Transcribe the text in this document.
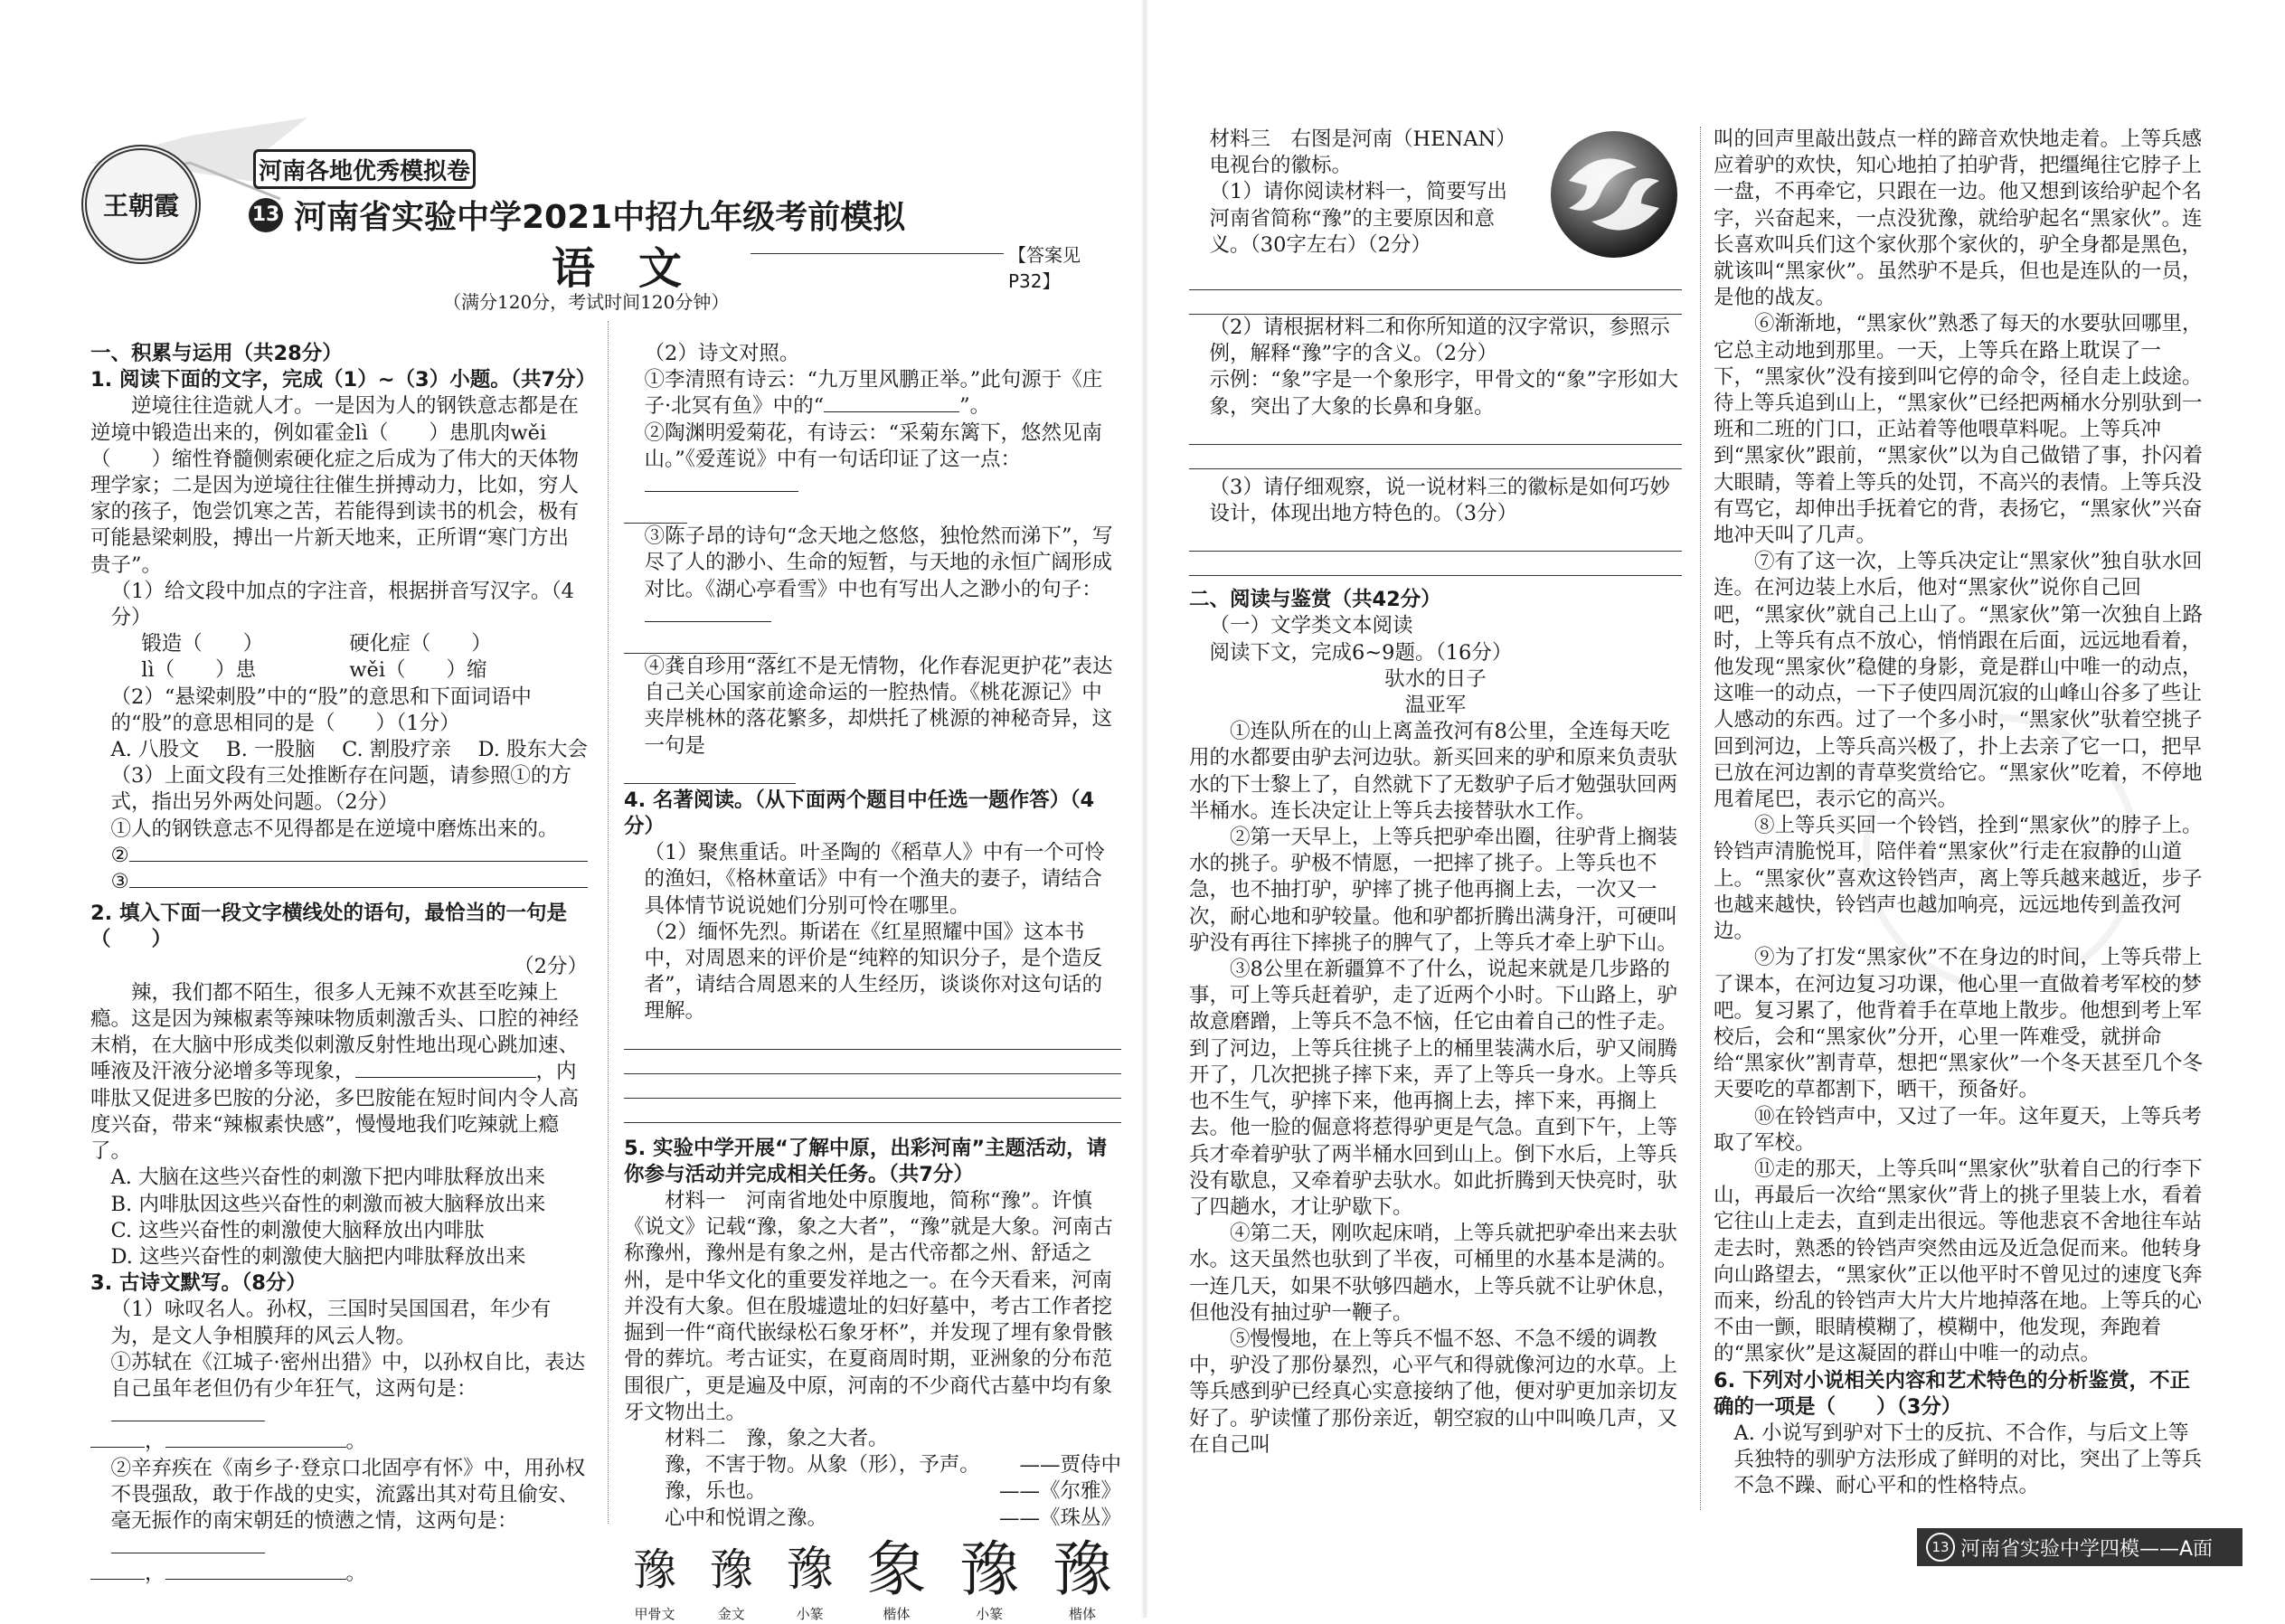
王朝霞
河南各地优秀模拟卷
13 河南省实验中学2021中招九年级考前模拟
语　文	【答案见 P32】
（满分120分，考试时间120分钟）

一、积累与运用（共28分）

1. 阅读下面的文字，完成（1）~（3）小题。（共7分）

逆境往往造就人才。一是因为人的钢铁意志都是在逆境中锻造出来的，例如霍金lì（　　）患肌肉wěi（　　）缩性脊髓侧索硬化症之后成为了伟大的天体物理学家；二是因为逆境往往催生拼搏动力，比如，穷人家的孩子，饱尝饥寒之苦，若能得到读书的机会，极有可能悬梁刺股，搏出一片新天地来，正所谓“寒门方出贵子”。

（1）给文段中加点的字注音，根据拼音写汉字。（4分）

锻造（　　）	硬化症（　　）
lì（　　）患	wěi（　　）缩

（2）“悬梁刺股”中的“股”的意思和下面词语中的“股”的意思相同的是（　　）（1分）

A. 八股文 B. 一股脑 C. 割股疗亲 D. 股东大会

（3）上面文段有三处推断存在问题，请参照①的方式，指出另外两处问题。（2分）

①人的钢铁意志不见得都是在逆境中磨炼出来的。

②
③
2. 填入下面一段文字横线处的语句，最恰当的一句是（　　）
（2分）

辣，我们都不陌生，很多人无辣不欢甚至吃辣上瘾。这是因为辣椒素等辣味物质刺激舌头、口腔的神经末梢，在大脑中形成类似刺激反射性地出现心跳加速、唾液及汗液分泌增多等现象，	，内啡肽又促进多巴胺的分泌，多巴胺能在短时间内令人高度兴奋，带来“辣椒素快感”，慢慢地我们吃辣就上瘾了。

A. 大脑在这些兴奋性的刺激下把内啡肽释放出来

B. 内啡肽因这些兴奋性的刺激而被大脑释放出来

C. 这些兴奋性的刺激使大脑释放出内啡肽

D. 这些兴奋性的刺激使大脑把内啡肽释放出来

3. 古诗文默写。（8分）

（1）咏叹名人。孙权，三国时吴国国君，年少有为，是文人争相膜拜的风云人物。

①苏轼在《江城子·密州出猎》中，以孙权自比，表达自己虽年老但仍有少年狂气，这两句是：

，	。

②辛弃疾在《南乡子·登京口北固亭有怀》中，用孙权不畏强敌，敢于作战的史实，流露出其对苟且偷安、毫无振作的南宋朝廷的愤懑之情，这两句是：

，	。

（2）诗文对照。

①李清照有诗云：“九万里风鹏正举。”此句源于《庄子·北冥有鱼》中的“	”。

②陶渊明爱菊花，有诗云：“采菊东篱下，悠然见南山。”《爱莲说》中有一句话印证了这一点：

③陈子昂的诗句“念天地之悠悠，独怆然而涕下”，写尽了人的渺小、生命的短暂，与天地的永恒广阔形成对比。《湖心亭看雪》中也有写出人之渺小的句子：

④龚自珍用“落红不是无情物，化作春泥更护花”表达自己关心国家前途命运的一腔热情。《桃花源记》中夹岸桃林的落花繁多，却烘托了桃源的神秘奇异，这一句是

4. 名著阅读。（从下面两个题目中任选一题作答）（4分）

（1）聚焦重话。叶圣陶的《稻草人》中有一个可怜的渔妇，《格林童话》中有一个渔夫的妻子，请结合具体情节说说她们分别可怜在哪里。

（2）缅怀先烈。斯诺在《红星照耀中国》这本书中，对周恩来的评价是“纯粹的知识分子，是个造反者”，请结合周恩来的人生经历，谈谈你对这句话的理解。

5. 实验中学开展“了解中原，出彩河南”主题活动，请你参与活动并完成相关任务。（共7分）

材料一　河南省地处中原腹地，简称“豫”。许慎《说文》记载“豫，象之大者”，“豫”就是大象。河南古称豫州，豫州是有象之州，是古代帝都之州、舒适之州，是中华文化的重要发祥地之一。在今天看来，河南并没有大象。但在殷墟遗址的妇好墓中，考古工作者挖掘到一件“商代嵌绿松石象牙杯”，并发现了埋有象骨骸骨的葬坑。考古证实，在夏商周时期，亚洲象的分布范围很广，更是遍及中原，河南的不少商代古墓中均有象牙文物出土。

材料二　豫，象之大者。

豫，不害于物。从象（形），予声。 ——贾侍中

豫，乐也。	——《尔雅》

心中和悦谓之豫。	——《珠丛》

豫
甲骨文
豫
金文
豫
小篆
象
楷体
豫
小篆
豫
楷体

材料三　右图是河南（HENAN）电视台的徽标。

（1）请你阅读材料一，简要写出河南省简称“豫”的主要原因和意义。（30字左右）（2分）

（2）请根据材料二和你所知道的汉字常识，参照示例，解释“豫”字的含义。（2分）

示例：“象”字是一个象形字，甲骨文的“象”字形如大象，突出了大象的长鼻和身躯。

（3）请仔细观察，说一说材料三的徽标是如何巧妙设计，体现出地方特色的。（3分）

二、阅读与鉴赏（共42分）

（一）文学类文本阅读

阅读下文，完成6~9题。（16分）

驮水的日子

温亚军

①连队所在的山上离盖孜河有8公里，全连每天吃用的水都要由驴去河边驮。新买回来的驴和原来负责驮水的下士黎上了，自然就下了无数驴子后才勉强驮回两半桶水。连长决定让上等兵去接替驮水工作。

②第一天早上，上等兵把驴牵出圈，往驴背上搁装水的挑子。驴极不情愿，一把摔了挑子。上等兵也不急，也不抽打驴，驴摔了挑子他再搁上去，一次又一次，耐心地和驴较量。他和驴都折腾出满身汗，可硬叫驴没有再往下摔挑子的脾气了，上等兵才牵上驴下山。

③8公里在新疆算不了什么，说起来就是几步路的事，可上等兵赶着驴，走了近两个小时。下山路上，驴故意磨蹭，上等兵不急不恼，任它由着自己的性子走。到了河边，上等兵往挑子上的桶里装满水后，驴又闹腾开了，几次把挑子摔下来，弄了上等兵一身水。上等兵也不生气，驴摔下来，他再搁上去，摔下来，再搁上去。他一脸的倔意将惹得驴更是气急。直到下午，上等兵才牵着驴驮了两半桶水回到山上。倒下水后，上等兵没有歇息，又牵着驴去驮水。如此折腾到天快亮时，驮了四趟水，才让驴歇下。

④第二天，刚吹起床哨，上等兵就把驴牵出来去驮水。这天虽然也驮到了半夜，可桶里的水基本是满的。一连几天，如果不驮够四趟水，上等兵就不让驴休息，但他没有抽过驴一鞭子。

⑤慢慢地，在上等兵不愠不怒、不急不缓的调教中，驴没了那份暴烈，心平气和得就像河边的水草。上等兵感到驴已经真心实意接纳了他，便对驴更加亲切友好了。驴读懂了那份亲近，朝空寂的山中叫唤几声，又在自己叫

叫的回声里敲出鼓点一样的蹄音欢快地走着。上等兵感应着驴的欢快，知心地拍了拍驴背，把缰绳往它脖子上一盘，不再牵它，只跟在一边。他又想到该给驴起个名字，兴奋起来，一点没犹豫，就给驴起名“黑家伙”。连长喜欢叫兵们这个家伙那个家伙的，驴全身都是黑色，就该叫“黑家伙”。虽然驴不是兵，但也是连队的一员，是他的战友。

⑥渐渐地，“黑家伙”熟悉了每天的水要驮回哪里，它总主动地到那里。一天，上等兵在路上耽误了一下，“黑家伙”没有接到叫它停的命令，径自走上歧途。待上等兵追到山上，“黑家伙”已经把两桶水分别驮到一班和二班的门口，正站着等他喂草料呢。上等兵冲到“黑家伙”跟前，“黑家伙”以为自己做错了事，扑闪着大眼睛，等着上等兵的处罚，不高兴的表情。上等兵没有骂它，却伸出手抚着它的背，表扬它，“黑家伙”兴奋地冲天叫了几声。

⑦有了这一次，上等兵决定让“黑家伙”独自驮水回连。在河边装上水后，他对“黑家伙”说你自己回吧，“黑家伙”就自己上山了。“黑家伙”第一次独自上路时，上等兵有点不放心，悄悄跟在后面，远远地看着，他发现“黑家伙”稳健的身影，竟是群山中唯一的动点，这唯一的动点，一下子使四周沉寂的山峰山谷多了些让人感动的东西。过了一个多小时，“黑家伙”驮着空挑子回到河边，上等兵高兴极了，扑上去亲了它一口，把早已放在河边割的青草奖赏给它。“黑家伙”吃着，不停地甩着尾巴，表示它的高兴。

⑧上等兵买回一个铃铛，拴到“黑家伙”的脖子上。铃铛声清脆悦耳，陪伴着“黑家伙”行走在寂静的山道上。“黑家伙”喜欢这铃铛声，离上等兵越来越近，步子也越来越快，铃铛声也越加响亮，远远地传到盖孜河边。

⑨为了打发“黑家伙”不在身边的时间，上等兵带上了课本，在河边复习功课，他心里一直做着考军校的梦吧。复习累了，他背着手在草地上散步。他想到考上军校后，会和“黑家伙”分开，心里一阵难受，就拼命给“黑家伙”割青草，想把“黑家伙”一个冬天甚至几个冬天要吃的草都割下，晒干，预备好。

⑩在铃铛声中，又过了一年。这年夏天，上等兵考取了军校。

⑪走的那天，上等兵叫“黑家伙”驮着自己的行李下山，再最后一次给“黑家伙”背上的挑子里装上水，看着它往山上走去，直到走出很远。等他悲哀不舍地往车站走去时，熟悉的铃铛声突然由远及近急促而来。他转身向山路望去，“黑家伙”正以他平时不曾见过的速度飞奔而来，纷乱的铃铛声大片大片地掉落在地。上等兵的心不由一颤，眼睛模糊了，模糊中，他发现，奔跑着的“黑家伙”是这凝固的群山中唯一的动点。

6. 下列对小说相关内容和艺术特色的分析鉴赏，不正确的一项是（　　）（3分）

A. 小说写到驴对下士的反抗、不合作，与后文上等兵独特的驯驴方法形成了鲜明的对比，突出了上等兵不急不躁、耐心平和的性格特点。

13 河南省实验中学四模——A面
